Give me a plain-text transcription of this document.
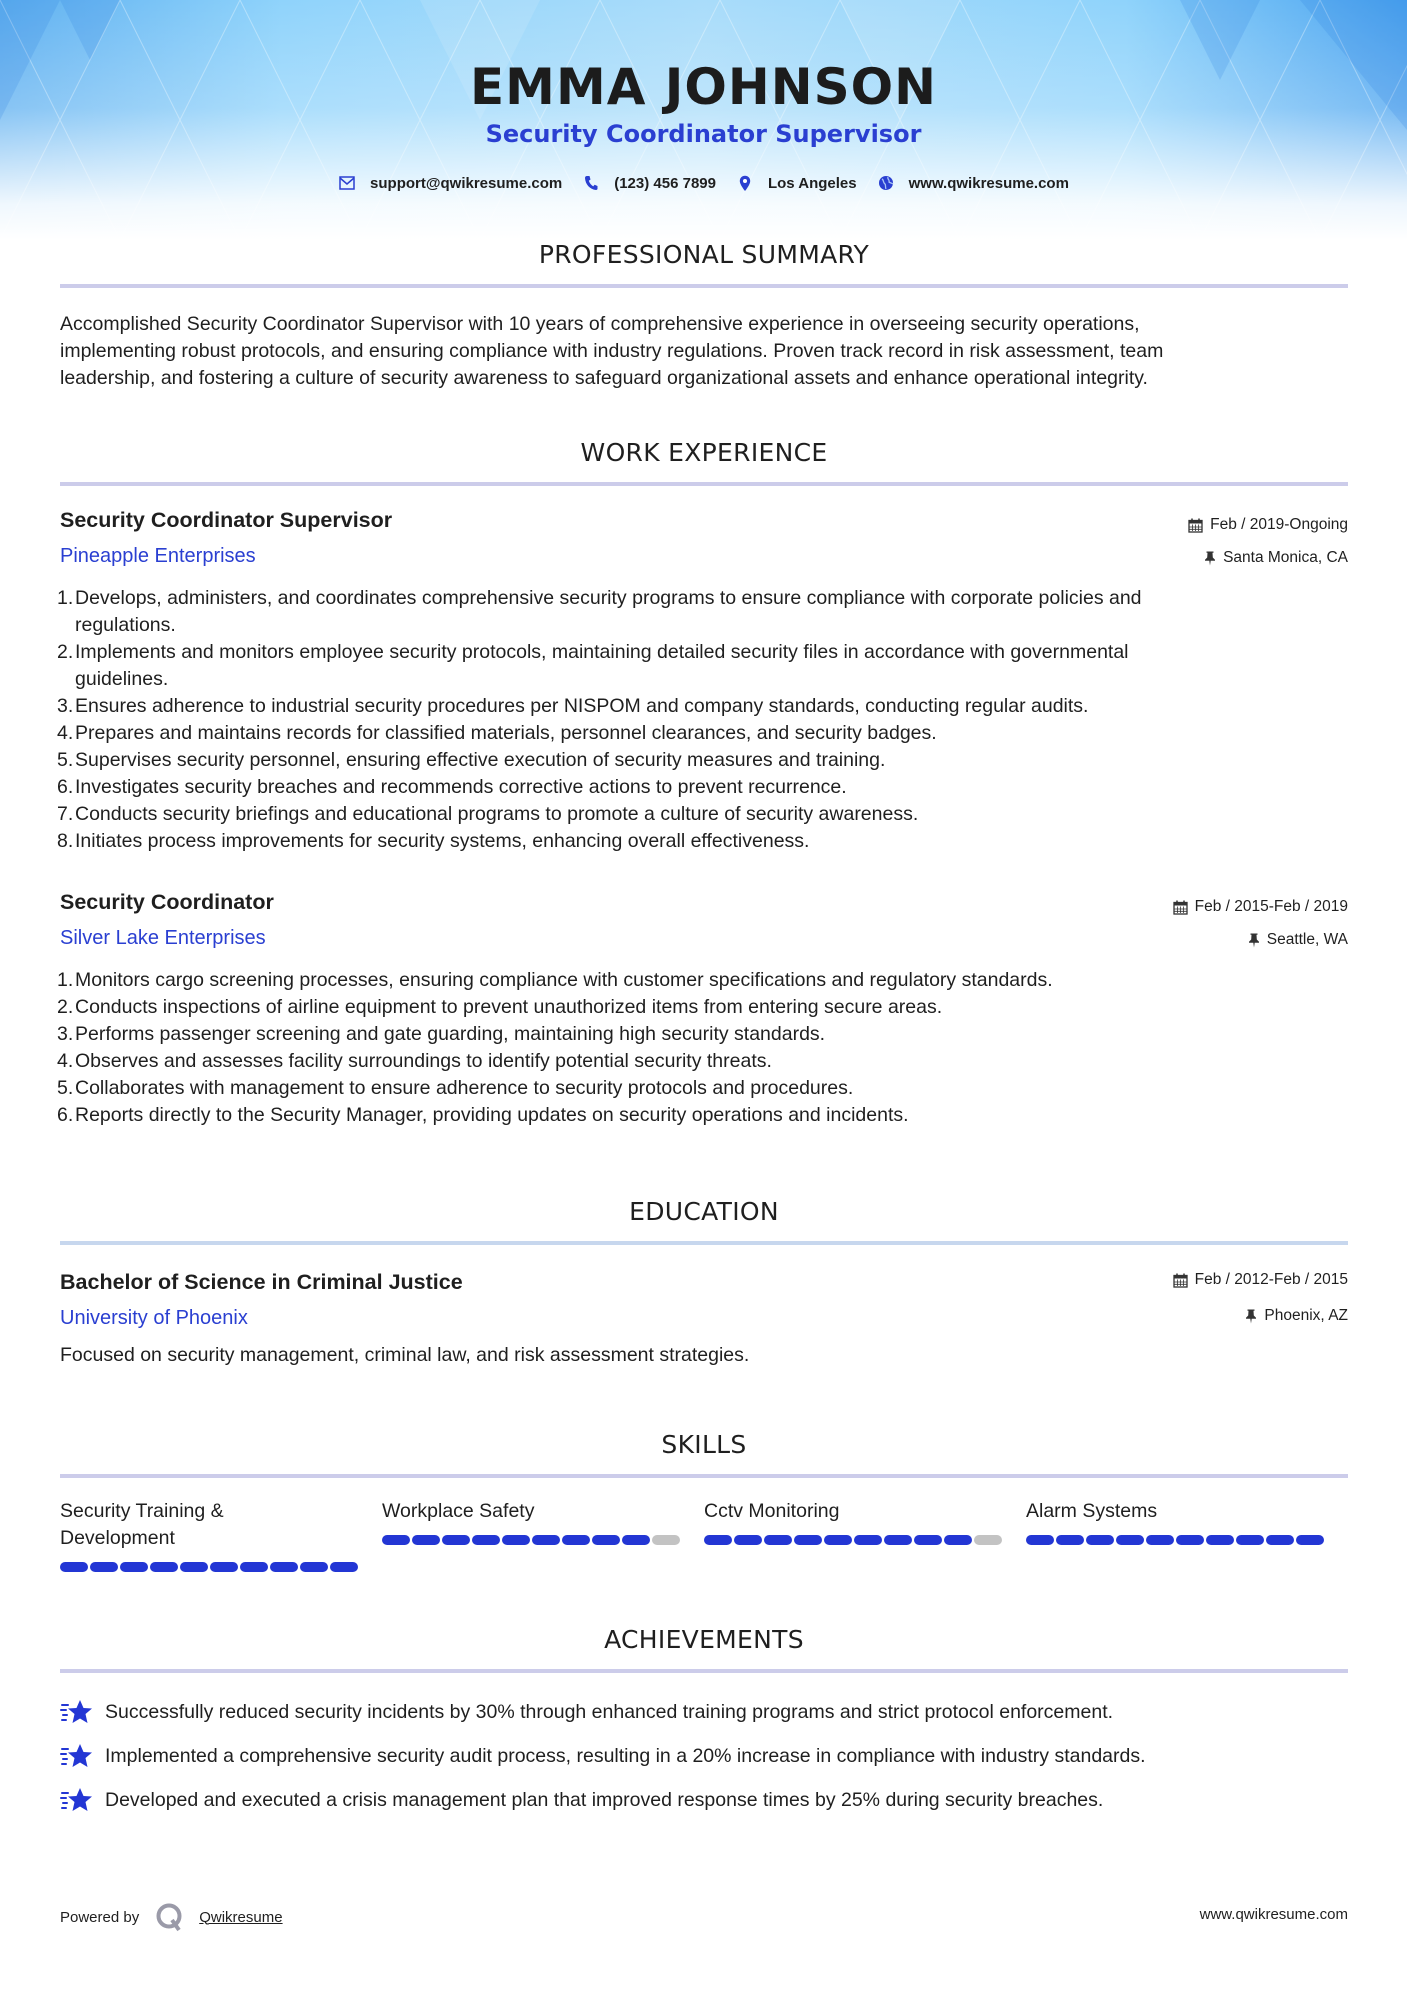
EMMA JOHNSON
Security Coordinator Supervisor
support@qwikresume.com	(123) 456 7899	Los Angeles	www.qwikresume.com
PROFESSIONAL SUMMARY
Accomplished Security Coordinator Supervisor with 10 years of comprehensive experience in overseeing security operations,
implementing robust protocols, and ensuring compliance with industry regulations. Proven track record in risk assessment, team
leadership, and fostering a culture of security awareness to safeguard organizational assets and enhance operational integrity.
WORK EXPERIENCE
Security Coordinator Supervisor	Feb / 2019-Ongoing
Pineapple Enterprises	Santa Monica, CA
1. Develops, administers, and coordinates comprehensive security programs to ensure compliance with corporate policies and
regulations.
2. Implements and monitors employee security protocols, maintaining detailed security files in accordance with governmental
guidelines.
3. Ensures adherence to industrial security procedures per NISPOM and company standards, conducting regular audits.
4. Prepares and maintains records for classified materials, personnel clearances, and security badges.
5. Supervises security personnel, ensuring effective execution of security measures and training.
6. Investigates security breaches and recommends corrective actions to prevent recurrence.
7. Conducts security briefings and educational programs to promote a culture of security awareness.
8. Initiates process improvements for security systems, enhancing overall effectiveness.
Security Coordinator	Feb / 2015-Feb / 2019
Silver Lake Enterprises	Seattle, WA
1. Monitors cargo screening processes, ensuring compliance with customer specifications and regulatory standards.
2. Conducts inspections of airline equipment to prevent unauthorized items from entering secure areas.
3. Performs passenger screening and gate guarding, maintaining high security standards.
4. Observes and assesses facility surroundings to identify potential security threats.
5. Collaborates with management to ensure adherence to security protocols and procedures.
6. Reports directly to the Security Manager, providing updates on security operations and incidents.
EDUCATION
Bachelor of Science in Criminal Justice	Feb / 2012-Feb / 2015
University of Phoenix	Phoenix, AZ
Focused on security management, criminal law, and risk assessment strategies.
SKILLS
Security Training & Development
Workplace Safety	Cctv Monitoring	Alarm Systems
ACHIEVEMENTS
Successfully reduced security incidents by 30% through enhanced training programs and strict protocol enforcement.
Implemented a comprehensive security audit process, resulting in a 20% increase in compliance with industry standards.
Developed and executed a crisis management plan that improved response times by 25% during security breaches.
Powered by	Qwikresume	www.qwikresume.com
